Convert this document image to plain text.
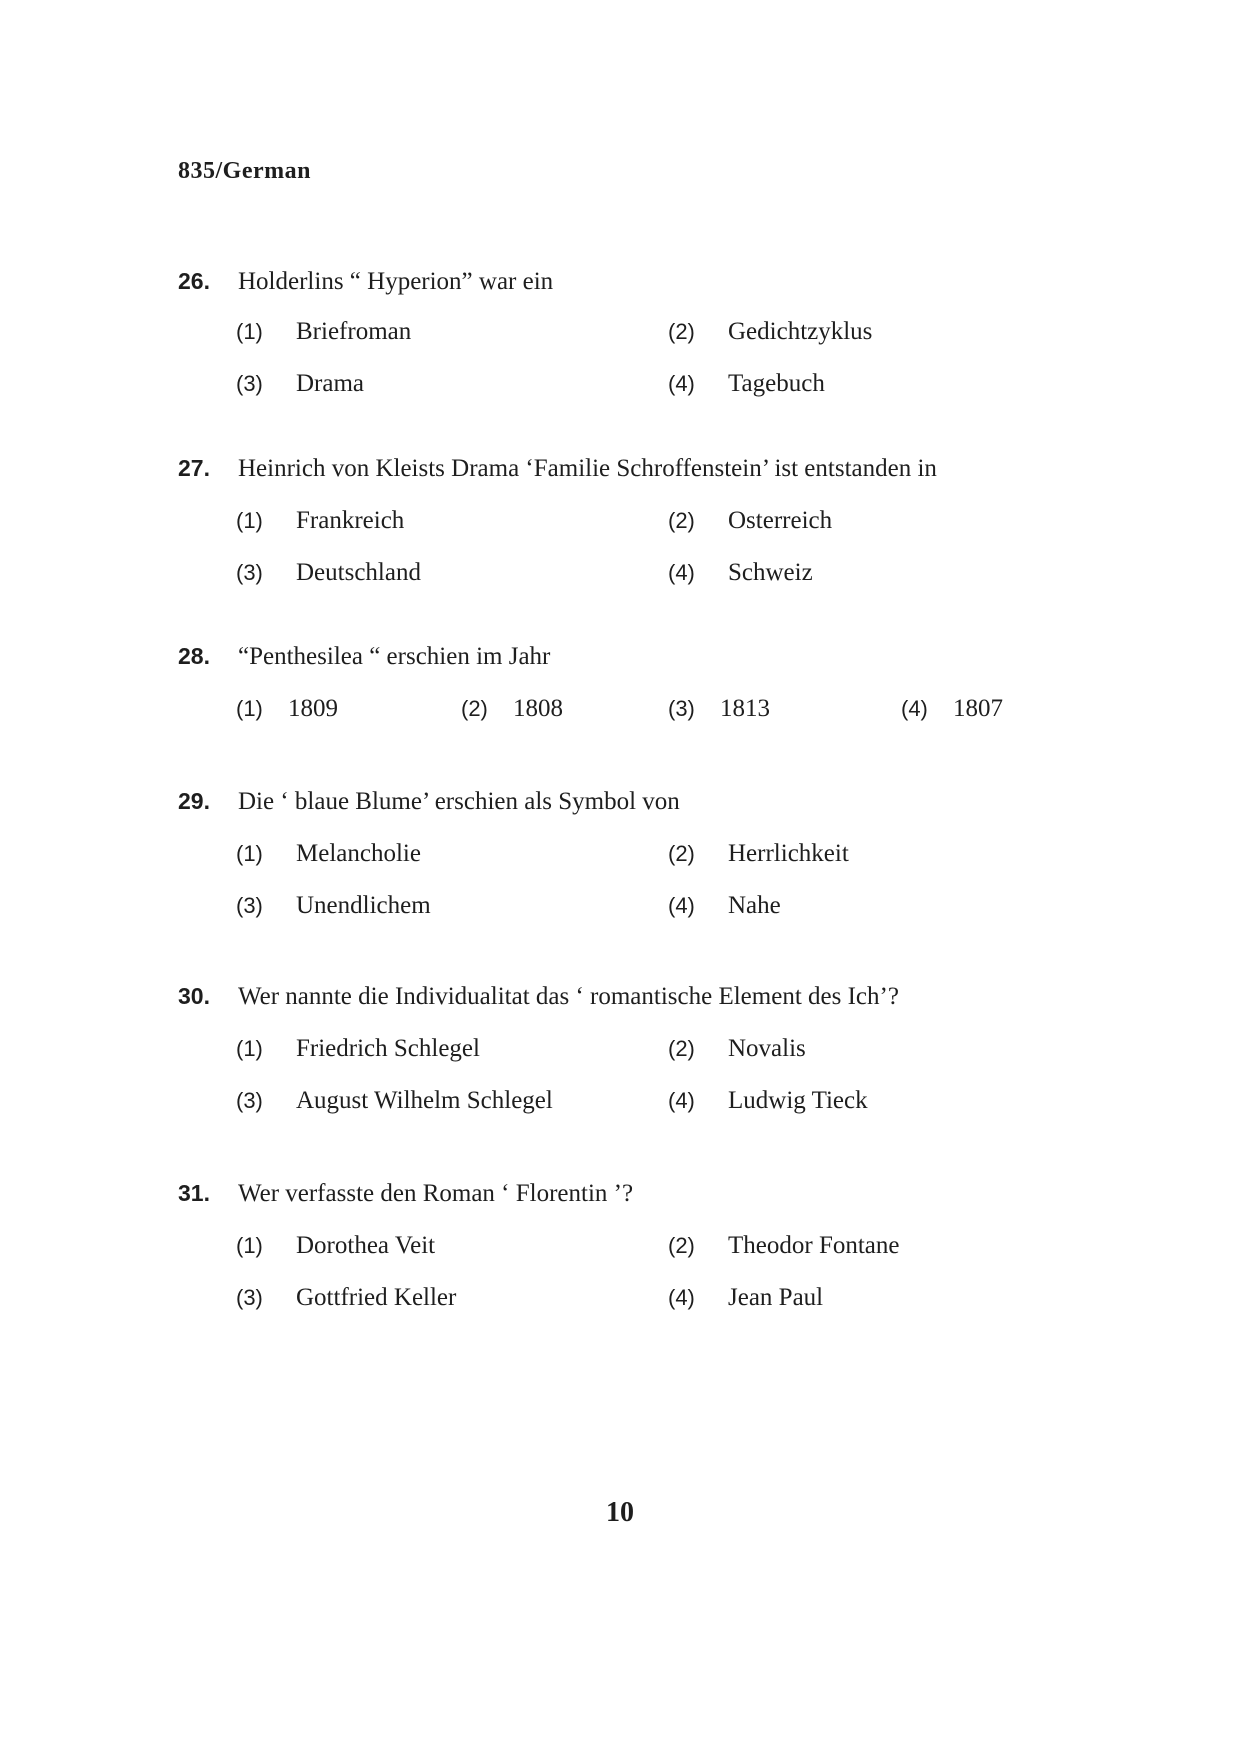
835/German
26. Holderlins “ Hyperion” war ein
(1) Briefroman	(2) Gedichtzyklus
(3) Drama	(4) Tagebuch
27. Heinrich von Kleists Drama ‘Familie Schroffenstein’ ist entstanden in
(1) Frankreich	(2) Osterreich
(3) Deutschland	(4) Schweiz
28. “Penthesilea “ erschien im Jahr
(1) 1809	(2) 1808	(3) 1813	(4) 1807
29. Die ‘ blaue Blume’ erschien als Symbol von
(1) Melancholie	(2) Herrlichkeit
(3) Unendlichem	(4) Nahe
30. Wer nannte die Individualitat das ‘ romantische Element des Ich’?
(1) Friedrich Schlegel	(2) Novalis
(3) August Wilhelm Schlegel	(4) Ludwig Tieck
31. Wer verfasste den Roman ‘ Florentin ’?
(1) Dorothea Veit	(2) Theodor Fontane
(3) Gottfried Keller	(4) Jean Paul
10
